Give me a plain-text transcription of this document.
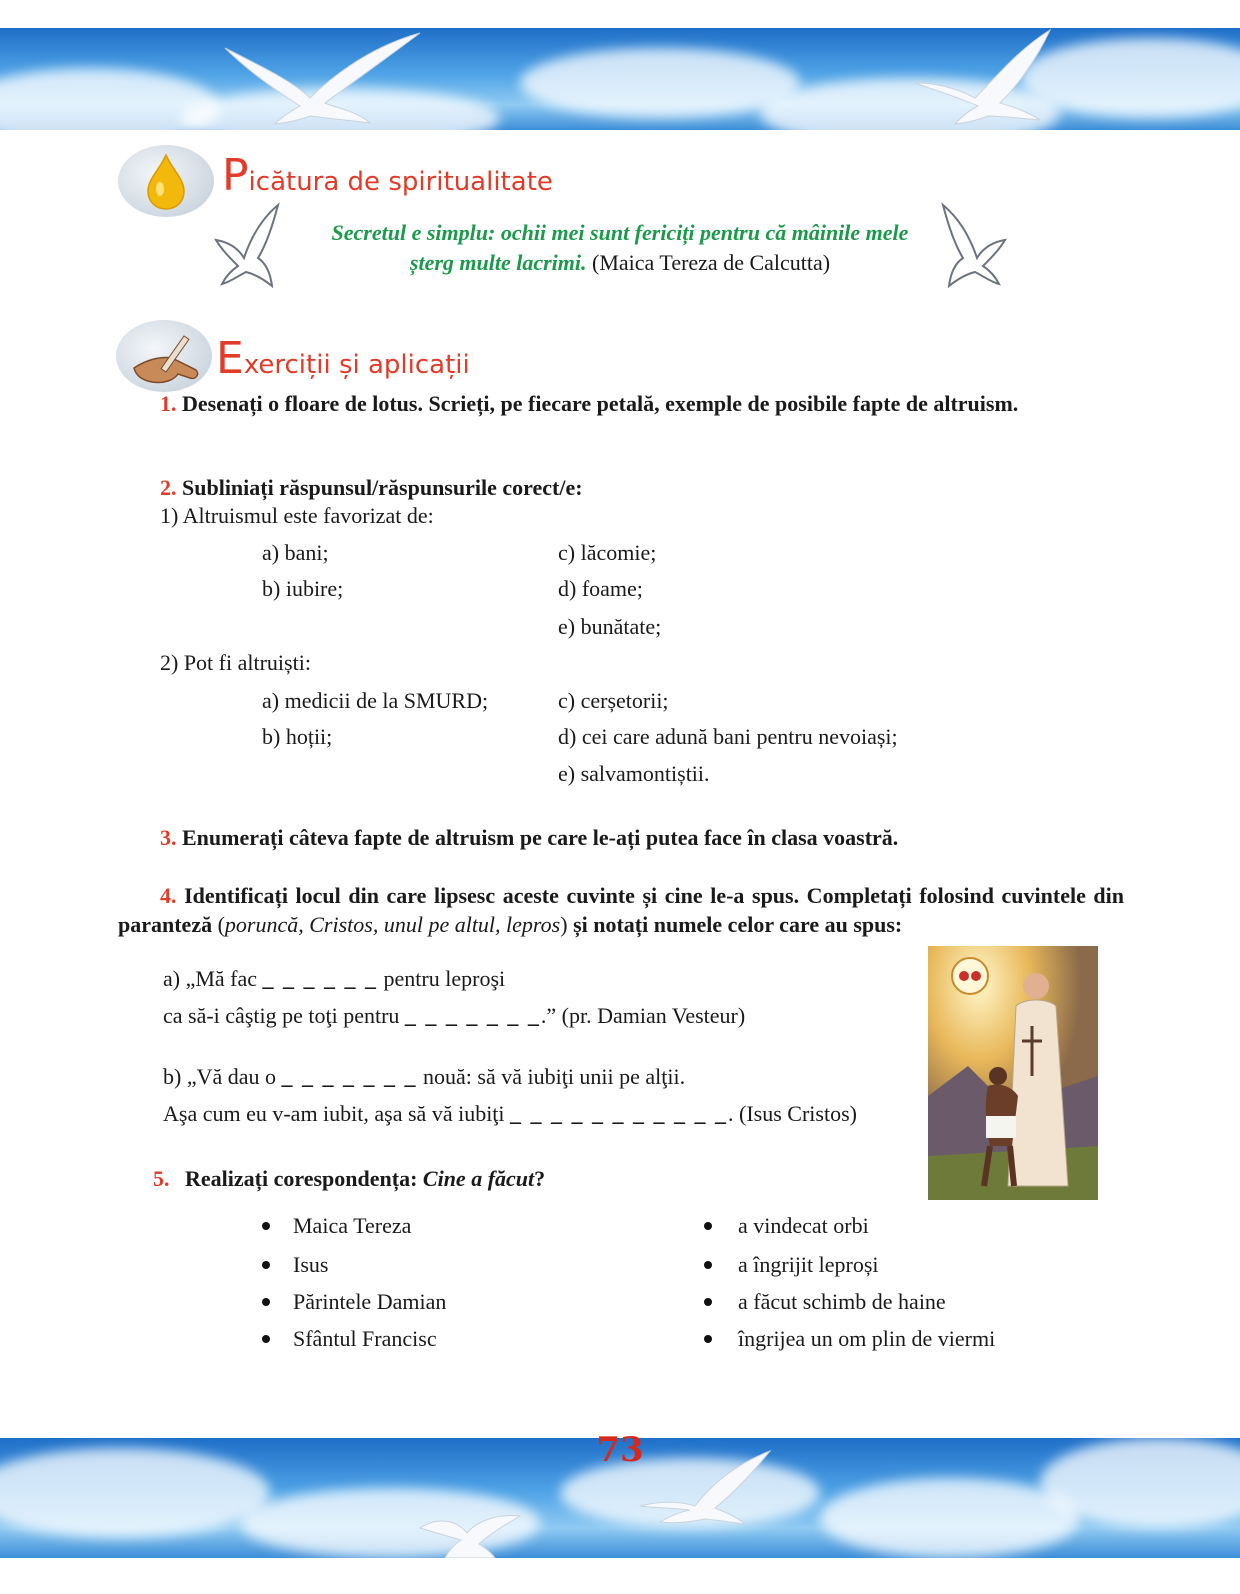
Picătura de spiritualitate
Secretul e simplu: ochii mei sunt fericiți pentru că mâinile mele
șterg multe lacrimi. (Maica Tereza de Calcutta)
Exerciții și aplicații
1. Desenați o floare de lotus. Scrieți, pe fiecare petală, exemple de posibile fapte de altruism.
2. Subliniați răspunsul/răspunsurile corect/e:
1) Altruismul este favorizat de:
a) bani;
b) iubire;
c) lăcomie;
d) foame;
e) bunătate;
2) Pot fi altruiști:
a) medicii de la SMURD;
b) hoții;
c) cerșetorii;
d) cei care adună bani pentru nevoiași;
e) salvamontiștii.
3. Enumerați câteva fapte de altruism pe care le-ați putea face în clasa voastră.
4. Identificați locul din care lipsesc aceste cuvinte și cine le-a spus. Completați folosind cuvintele din paranteză (poruncă, Cristos, unul pe altul, lepros) și notați numele celor care au spus:
a) „Mă fac _ _ _ _ _ _ pentru leproşi
ca să-i câştig pe toţi pentru _ _ _ _ _ _ _.” (pr. Damian Vesteur)
b) „Vă dau o _ _ _ _ _ _ _ nouă: să vă iubiţi unii pe alţii.
Aşa cum eu v-am iubit, aşa să vă iubiţi _ _ _ _ _ _ _ _ _ _ _. (Isus Cristos)
5. Realizați corespondența: Cine a făcut?
Maica Tereza
Isus
Părintele Damian
Sfântul Francisc
a vindecat orbi
a îngrijit leproși
a făcut schimb de haine
îngrijea un om plin de viermi
73
